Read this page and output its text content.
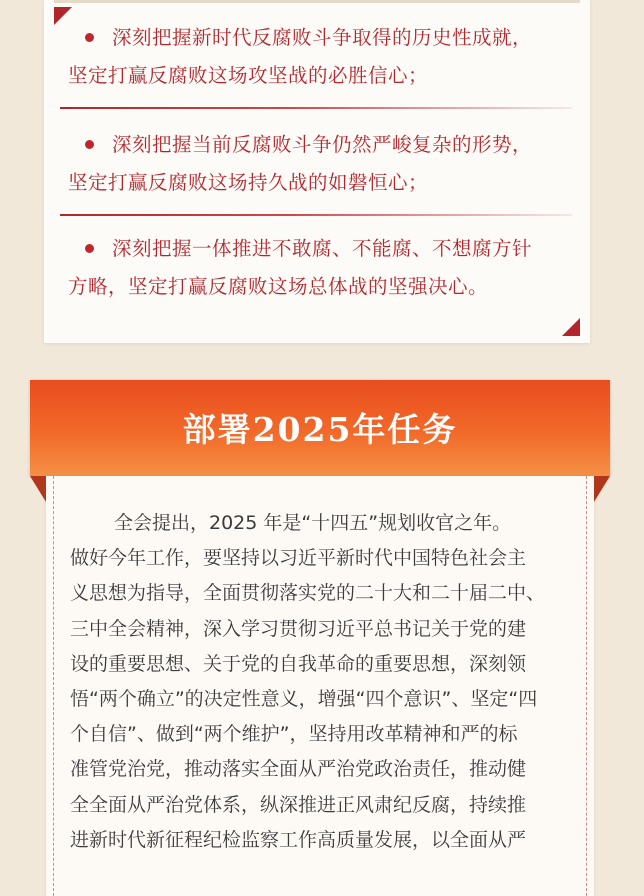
深刻把握新时代反腐败斗争取得的历史性成就，
坚定打赢反腐败这场攻坚战的必胜信心；
深刻把握当前反腐败斗争仍然严峻复杂的形势，
坚定打赢反腐败这场持久战的如磐恒心；
深刻把握一体推进不敢腐、不能腐、不想腐方针
方略，坚定打赢反腐败这场总体战的坚强决心。
部署2025年任务
全会提出，2025 年是“十四五”规划收官之年。
做好今年工作，要坚持以习近平新时代中国特色社会主
义思想为指导，全面贯彻落实党的二十大和二十届二中、
三中全会精神，深入学习贯彻习近平总书记关于党的建
设的重要思想、关于党的自我革命的重要思想，深刻领
悟“两个确立”的决定性意义，增强“四个意识”、坚定“四
个自信”、做到“两个维护”，坚持用改革精神和严的标
准管党治党，推动落实全面从严治党政治责任，推动健
全全面从严治党体系，纵深推进正风肃纪反腐，持续推
进新时代新征程纪检监察工作高质量发展，以全面从严
